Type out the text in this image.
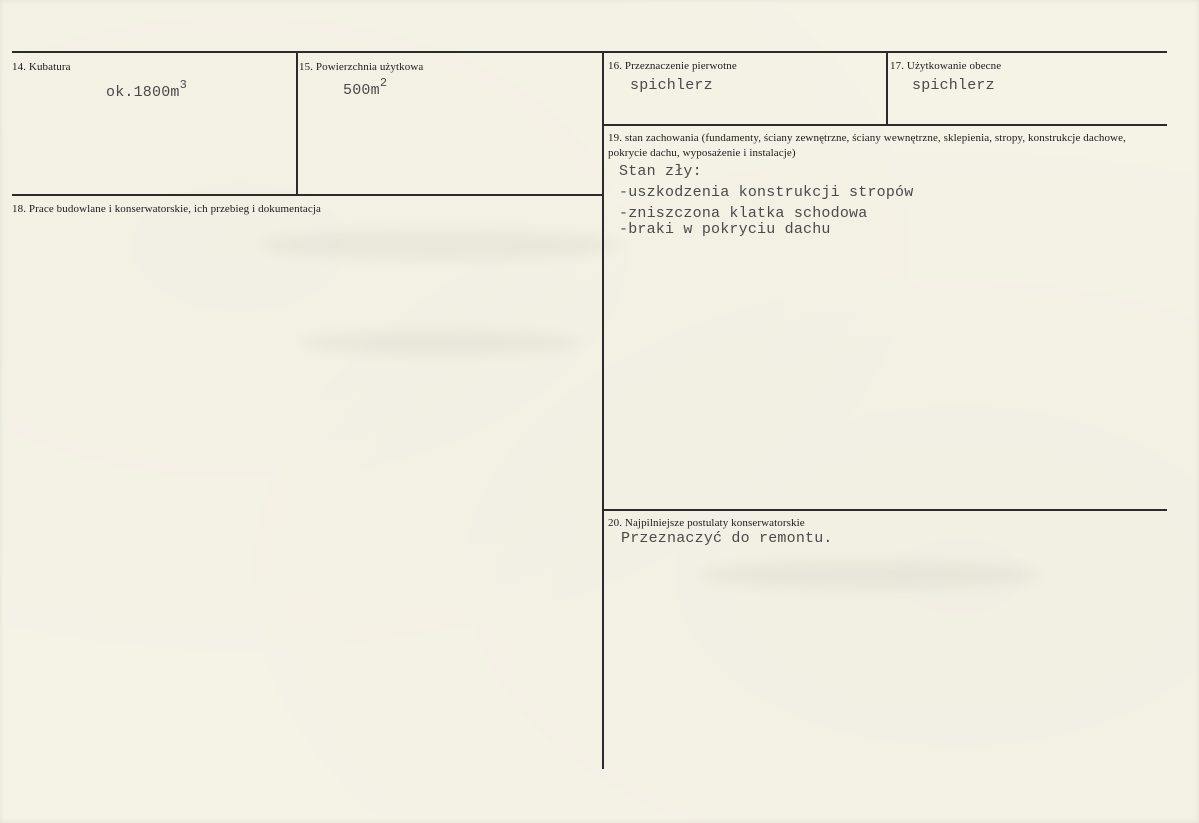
14. Kubatura
$ok.1800m^3$
15. Powierzchnia użytkowa
$500m^2$
16. Przeznaczenie pierwotne
spichlerz
17. Użytkowanie obecne
spichlerz
18. Prace budowlane i konserwatorskie, ich przebieg i dokumentacja
19. stan zachowania (fundamenty, ściany zewnętrzne, ściany wewnętrzne, sklepienia, stropy, konstrukcje dachowe, pokrycie dachu, wyposażenie i instalacje)
Stan zły:
-uszkodzenia konstrukcji stropów
-zniszczona klatka schodowa
-braki w pokryciu dachu
20. Najpilniejsze postulaty konserwatorskie
Przeznaczyć do remontu.
